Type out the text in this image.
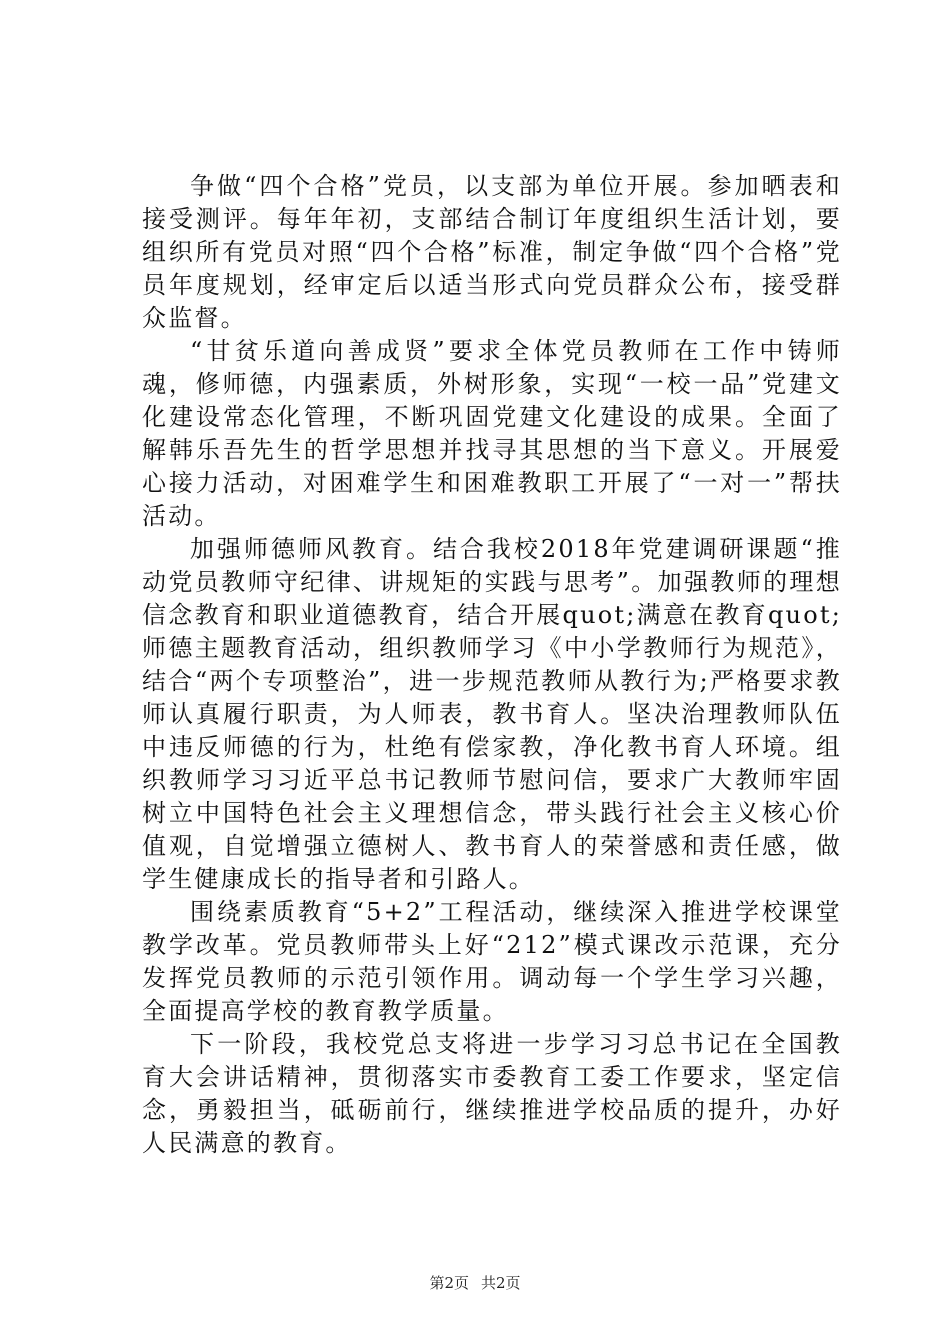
争做“四个合格”党员，以支部为单位开展。参加晒表和接受测评。每年年初，支部结合制订年度组织生活计划，要组织所有党员对照“四个合格”标准，制定争做“四个合格”党员年度规划，经审定后以适当形式向党员群众公布，接受群众监督。

“甘贫乐道向善成贤”要求全体党员教师在工作中铸师魂，修师德，内强素质，外树形象，实现“一校一品”党建文化建设常态化管理，不断巩固党建文化建设的成果。全面了解韩乐吾先生的哲学思想并找寻其思想的当下意义。开展爱心接力活动，对困难学生和困难教职工开展了“一对一”帮扶活动。

加强师德师风教育。结合我校2018年党建调研课题“推动党员教师守纪律、讲规矩的实践与思考”。加强教师的理想信念教育和职业道德教育，结合开展quot;满意在教育quot;师德主题教育活动，组织教师学习《中小学教师行为规范》，结合“两个专项整治”，进一步规范教师从教行为;严格要求教师认真履行职责，为人师表，教书育人。坚决治理教师队伍中违反师德的行为，杜绝有偿家教，净化教书育人环境。组织教师学习习近平总书记教师节慰问信，要求广大教师牢固树立中国特色社会主义理想信念，带头践行社会主义核心价值观，自觉增强立德树人、教书育人的荣誉感和责任感，做学生健康成长的指导者和引路人。

围绕素质教育“5+2”工程活动，继续深入推进学校课堂教学改革。党员教师带头上好“212”模式课改示范课，充分发挥党员教师的示范引领作用。调动每一个学生学习兴趣，全面提高学校的教育教学质量。

下一阶段，我校党总支将进一步学习习总书记在全国教育大会讲话精神，贯彻落实市委教育工委工作要求，坚定信念，勇毅担当，砥砺前行，继续推进学校品质的提升，办好人民满意的教育。

第2页 共2页
